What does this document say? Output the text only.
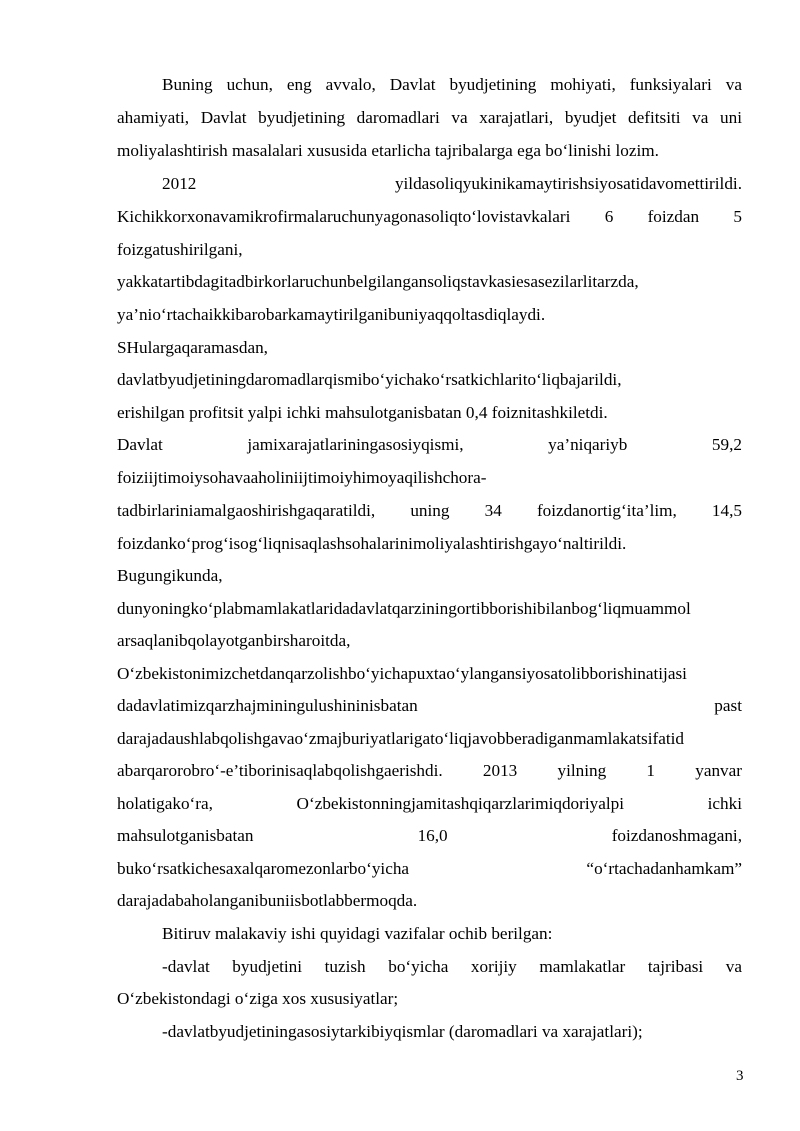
Buning uchun, eng avvalo, Davlat byudjetining mohiyati, funksiyalari va
ahamiyati, Davlat byudjetining daromadlari va xarajatlari, byudjet defitsiti va uni
moliyalashtirish masalalari xususida etarlicha tajribalarga ega bo‘linishi lozim.
2012 yildasoliqyukinikamaytirishsiyosatidavomettirildi.
Kichikkorxonavamikrofirmalaruchunyagonasoliqto‘lovistavkalari 6 foizdan 5
foizgatushirilgani,
yakkatartibdagitadbirkorlaruchunbelgilangansoliqstavkasiesasezilarlitarzda,
ya’nio‘rtachaikkibarobarkamaytirilganibuniyaqqoltasdiqlaydi.
SHulargaqaramasdan,
davlatbyudjetiningdaromadlarqismibo‘yichako‘rsatkichlarito‘liqbajarildi,
erishilgan profitsit yalpi ichki mahsulotganisbatan 0,4 foiznitashkiletdi.
Davlat jamixarajatlariningasosiyqismi, ya’niqariyb 59,2
foiziijtimoiysohavaaholiniijtimoiyhimoyaqilishchora-
tadbirlariniamalgaoshirishgaqaratildi, uning 34 foizdanortig‘ita’lim, 14,5
foizdanko‘prog‘isog‘liqnisaqlashsohalarinimoliyalashtirishgayo‘naltirildi.
Bugungikunda,
dunyoningko‘plabmamlakatlaridadavlatqarziningortibborishibilanbog‘liqmuammol
arsaqlanibqolayotganbirsharoitda,
O‘zbekistonimizchetdanqarzolishbo‘yichapuxtao‘ylangansiyosatolibborishinatijasi
dadavlatimizqarzhajminingulushininisbatan past
darajadaushlabqolishgavao‘zmajburiyatlarigato‘liqjavobberadiganmamlakatsifatid
abarqarorobro‘-e’tiborinisaqlabqolishgaerishdi. 2013 yilning 1 yanvar
holatigako‘ra, O‘zbekistonningjamitashqiqarzlarimiqdoriyalpi ichki
mahsulotganisbatan 16,0 foizdanoshmagani,
buko‘rsatkichesaxalqaromezonlarbo‘yicha “o‘rtachadanhamkam”
darajadabaholanganibuniisbotlabbermoqda.
Bitiruv malakaviy ishi quyidagi vazifalar ochib berilgan:
-davlat byudjetini tuzish bo‘yicha xorijiy mamlakatlar tajribasi va
O‘zbekistondagi o‘ziga xos xususiyatlar;
-davlatbyudjetiningasosiytarkibiyqismlar (daromadlari va xarajatlari);
3
